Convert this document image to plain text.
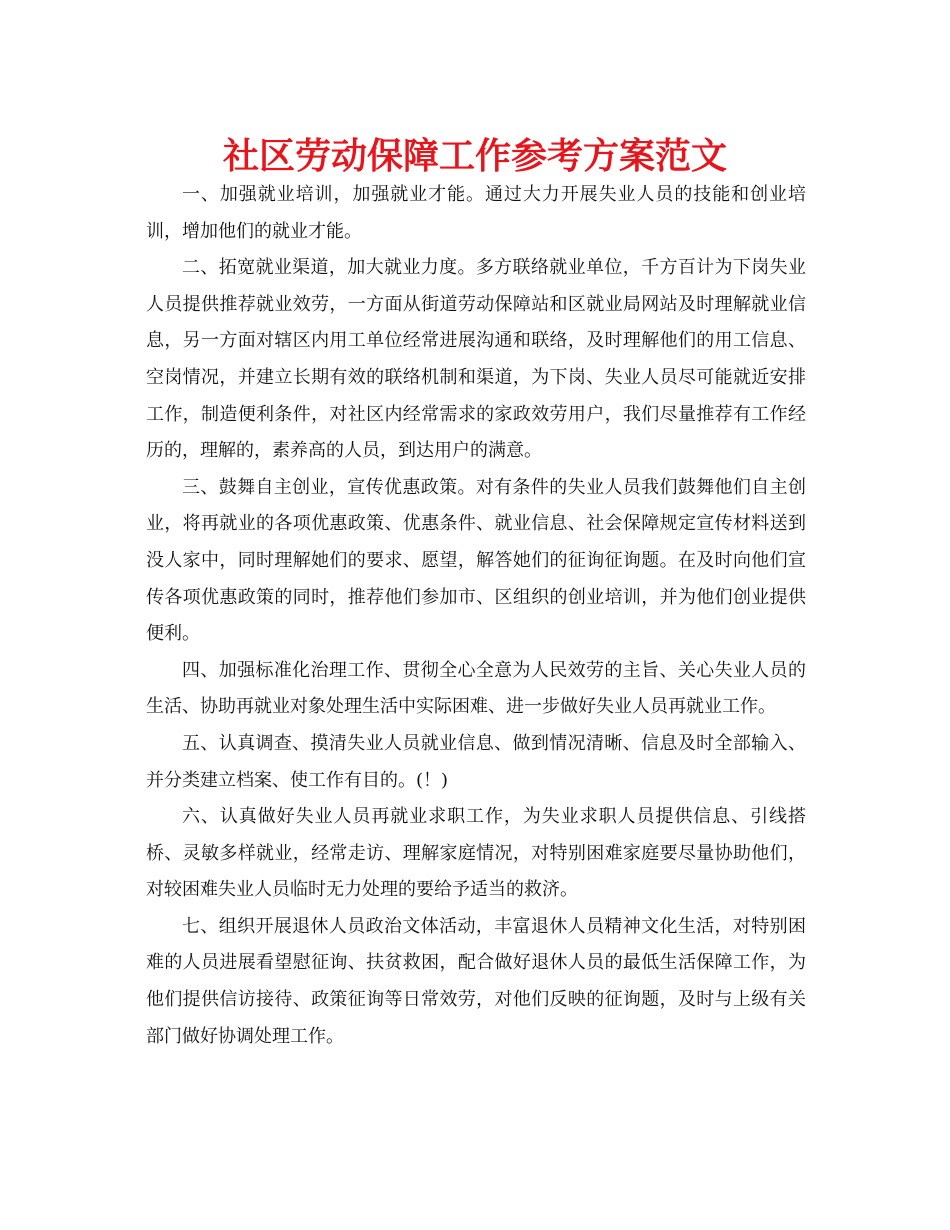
社区劳动保障工作参考方案范文

一、加强就业培训，加强就业才能。通过大力开展失业人员的技能和创业培训，增加他们的就业才能。

二、拓宽就业渠道，加大就业力度。多方联络就业单位，千方百计为下岗失业人员提供推荐就业效劳，一方面从街道劳动保障站和区就业局网站及时理解就业信息，另一方面对辖区内用工单位经常进展沟通和联络，及时理解他们的用工信息、空岗情况，并建立长期有效的联络机制和渠道，为下岗、失业人员尽可能就近安排工作，制造便利条件，对社区内经常需求的家政效劳用户，我们尽量推荐有工作经历的，理解的，素养高的人员，到达用户的满意。

三、鼓舞自主创业，宣传优惠政策。对有条件的失业人员我们鼓舞他们自主创业，将再就业的各项优惠政策、优惠条件、就业信息、社会保障规定宣传材料送到没人家中，同时理解她们的要求、愿望，解答她们的征询征询题。在及时向他们宣传各项优惠政策的同时，推荐他们参加市、区组织的创业培训，并为他们创业提供便利。

四、加强标准化治理工作、贯彻全心全意为人民效劳的主旨、关心失业人员的生活、协助再就业对象处理生活中实际困难、进一步做好失业人员再就业工作。

五、认真调查、摸清失业人员就业信息、做到情况清晰、信息及时全部输入、并分类建立档案、使工作有目的。(！)

六、认真做好失业人员再就业求职工作，为失业求职人员提供信息、引线搭桥、灵敏多样就业，经常走访、理解家庭情况，对特别困难家庭要尽量协助他们，对较困难失业人员临时无力处理的要给予适当的救济。

七、组织开展退休人员政治文体活动，丰富退休人员精神文化生活，对特别困难的人员进展看望慰征询、扶贫救困，配合做好退休人员的最低生活保障工作，为他们提供信访接待、政策征询等日常效劳，对他们反映的征询题，及时与上级有关部门做好协调处理工作。
